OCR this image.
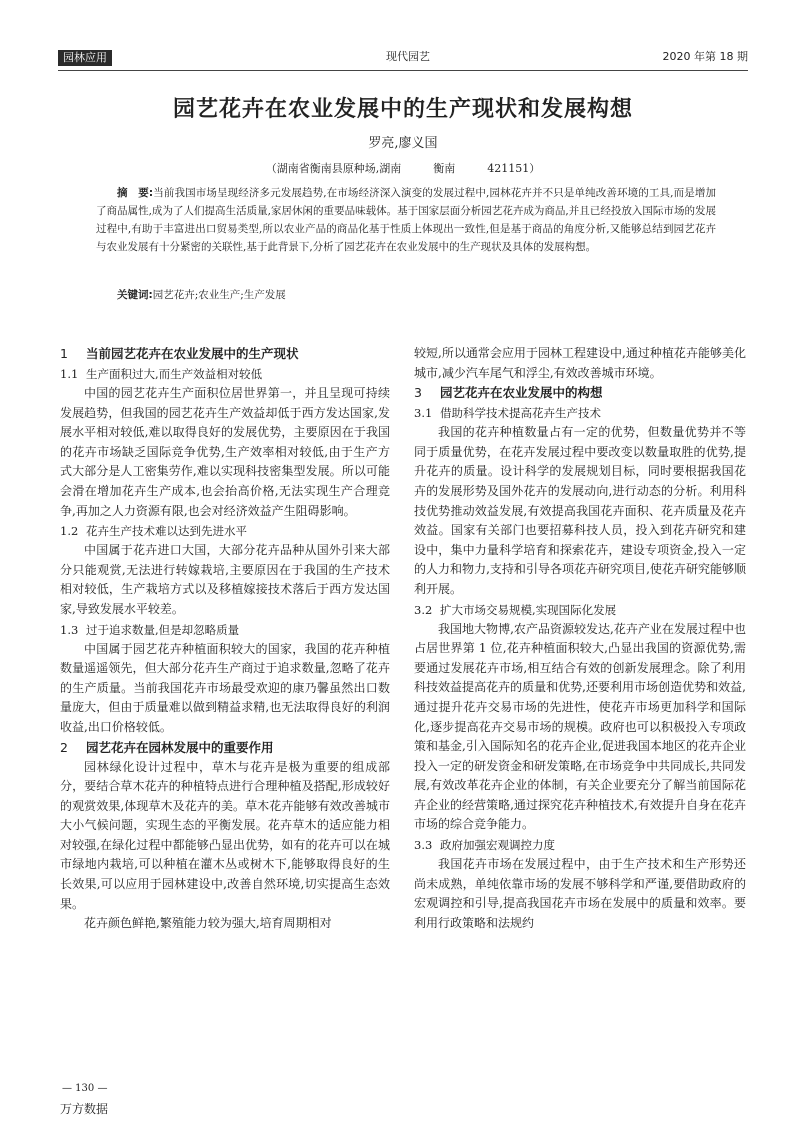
园林应用	现代园艺	2020 年第 18 期
园艺花卉在农业发展中的生产现状和发展构想
罗亮,廖义国
（湖南省衡南县原种场,湖南	衡南	421151）
摘　要:当前我国市场呈现经济多元发展趋势,在市场经济深入演变的发展过程中,园林花卉并不只是单纯改善环境的工具,而是增加了商品属性,成为了人们提高生活质量,家居休闲的重要品味载体。基于国家层面分析园艺花卉成为商品,并且已经投放入国际市场的发展过程中,有助于丰富进出口贸易类型,所以农业产品的商品化基于性质上体现出一致性,但是基于商品的角度分析,又能够总结到园艺花卉与农业发展有十分紧密的关联性,基于此背景下,分析了园艺花卉在农业发展中的生产现状及具体的发展构想。
关键词:园艺花卉;农业生产;生产发展
1 当前园艺花卉在农业发展中的生产现状
1.1 生产面积过大,而生产效益相对较低

中国的园艺花卉生产面积位居世界第一，并且呈现可持续发展趋势，但我国的园艺花卉生产效益却低于西方发达国家,发展水平相对较低,难以取得良好的发展优势，主要原因在于我国的花卉市场缺乏国际竞争优势,生产效率相对较低,由于生产方式大部分是人工密集劳作,难以实现科技密集型发展。所以可能会滑在增加花卉生产成本,也会抬高价格,无法实现生产合理竞争,再加之人力资源有限,也会对经济效益产生阻碍影响。

1.2 花卉生产技术难以达到先进水平

中国属于花卉进口大国，大部分花卉品种从国外引来大部分只能观赏,无法进行转嫁栽培,主要原因在于我国的生产技术相对较低，生产栽培方式以及移植嫁接技术落后于西方发达国家,导致发展水平较差。

1.3 过于追求数量,但是却忽略质量

中国属于园艺花卉种植面积较大的国家，我国的花卉种植数量遥遥领先，但大部分花卉生产商过于追求数量,忽略了花卉的生产质量。当前我国花卉市场最受欢迎的康乃馨虽然出口数量庞大，但由于质量难以做到精益求精,也无法取得良好的利润收益,出口价格较低。

2 园艺花卉在园林发展中的重要作用

园林绿化设计过程中，草木与花卉是极为重要的组成部分，要结合草木花卉的种植特点进行合理种植及搭配,形成较好的观赏效果,体现草木及花卉的美。草木花卉能够有效改善城市大小气候问题，实现生态的平衡发展。花卉草木的适应能力相对较强,在绿化过程中都能够凸显出优势，如有的花卉可以在城市绿地内栽培,可以种植在灌木丛或树木下,能够取得良好的生长效果,可以应用于园林建设中,改善自然环境,切实提高生态效果。

花卉颜色鲜艳,繁殖能力较为强大,培育周期相对

较短,所以通常会应用于园林工程建设中,通过种植花卉能够美化城市,减少汽车尾气和浮尘,有效改善城市环境。

3 园艺花卉在农业发展中的构想
3.1 借助科学技术提高花卉生产技术

我国的花卉种植数量占有一定的优势，但数量优势并不等同于质量优势，在花卉发展过程中要改变以数量取胜的优势,提升花卉的质量。设计科学的发展规划目标，同时要根据我国花卉的发展形势及国外花卉的发展动向,进行动态的分析。利用科技优势推动效益发展,有效提高我国花卉面积、花卉质量及花卉效益。国家有关部门也要招募科技人员，投入到花卉研究和建设中，集中力量科学培育和探索花卉，建设专项资金,投入一定的人力和物力,支持和引导各项花卉研究项目,使花卉研究能够顺利开展。

3.2 扩大市场交易规模,实现国际化发展

我国地大物博,农产品资源较发达,花卉产业在发展过程中也占居世界第 1 位,花卉种植面积较大,凸显出我国的资源优势,需要通过发展花卉市场,相互结合有效的创新发展理念。除了利用科技效益提高花卉的质量和优势,还要利用市场创造优势和效益,通过提升花卉交易市场的先进性，使花卉市场更加科学和国际化,逐步提高花卉交易市场的规模。政府也可以积极投入专项政策和基金,引入国际知名的花卉企业,促进我国本地区的花卉企业投入一定的研发资金和研发策略,在市场竞争中共同成长,共同发展,有效改革花卉企业的体制，有关企业要充分了解当前国际花卉企业的经营策略,通过探究花卉种植技术,有效提升自身在花卉市场的综合竞争能力。

3.3 政府加强宏观调控力度

我国花卉市场在发展过程中，由于生产技术和生产形势还尚未成熟，单纯依靠市场的发展不够科学和严谨,要借助政府的宏观调控和引导,提高我国花卉市场在发展中的质量和效率。要利用行政策略和法规约

— 130 —
万方数据
